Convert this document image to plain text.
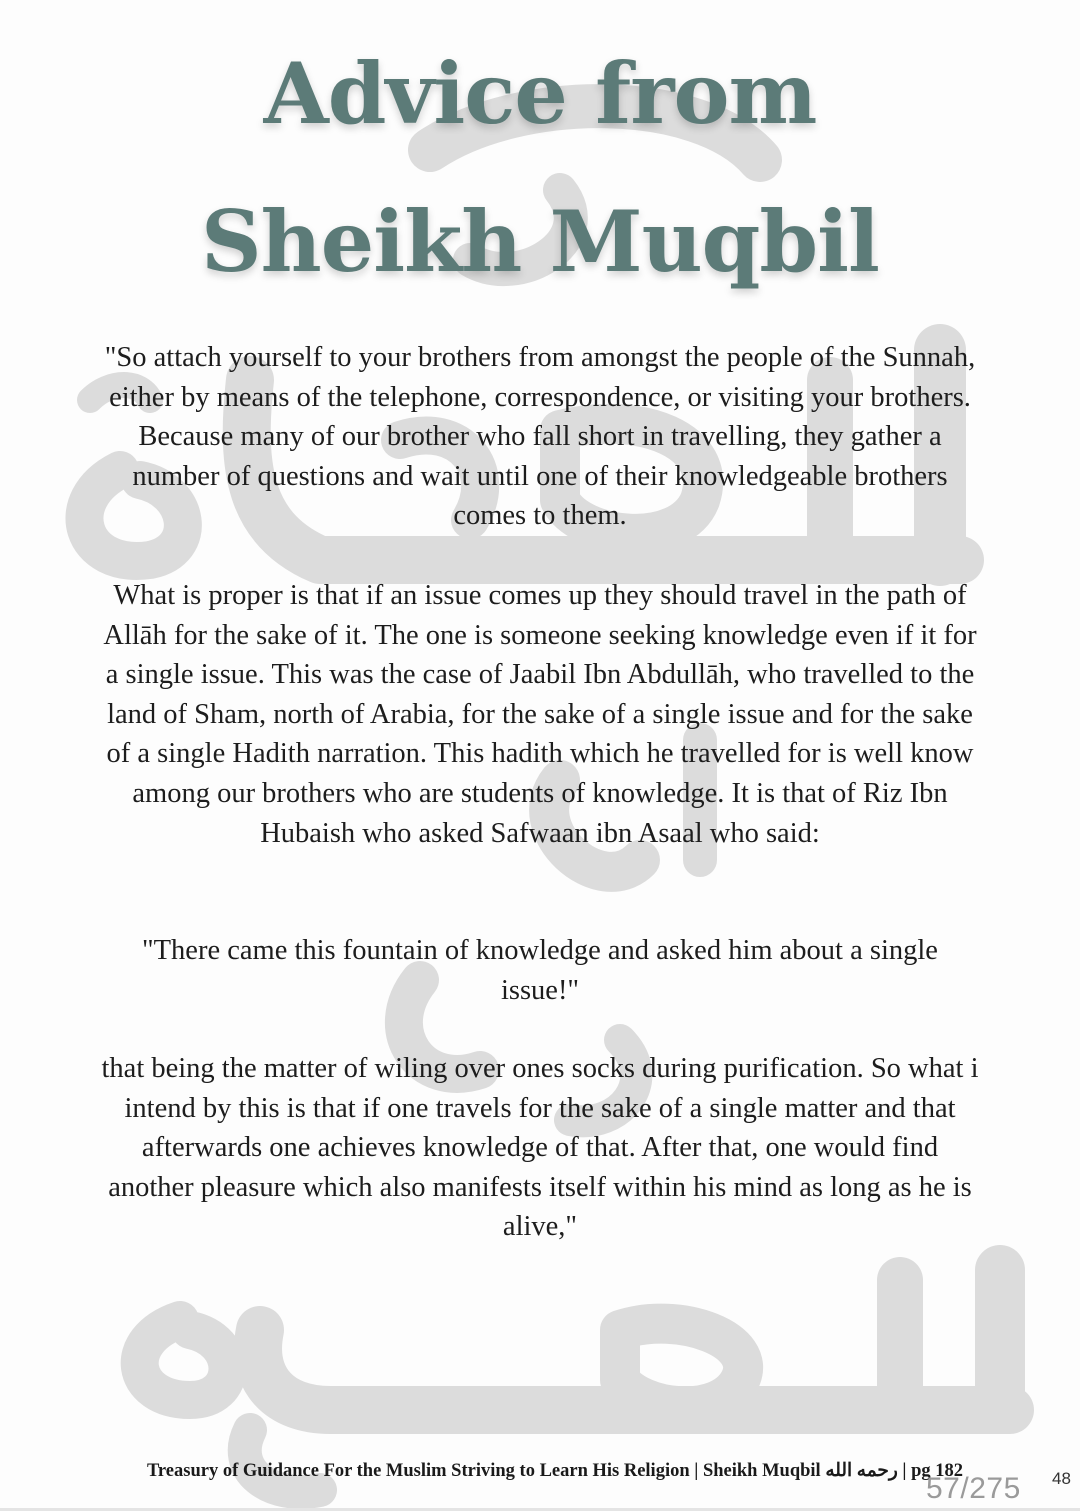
Advice from
Sheikh Muqbil

"So attach yourself to your brothers from amongst the people of the Sunnah, either by means of the telephone, correspondence, or visiting your brothers. Because many of our brother who fall short in travelling, they gather a number of questions and wait until one of their knowledgeable brothers comes to them.

What is proper is that if an issue comes up they should travel in the path of Allāh for the sake of it. The one is someone seeking knowledge even if it for a single issue. This was the case of Jaabil Ibn Abdullāh, who travelled to the land of Sham, north of Arabia, for the sake of a single issue and for the sake of a single Hadith narration. This hadith which he travelled for is well know among our brothers who are students of knowledge. It is that of Riz Ibn Hubaish who asked Safwaan ibn Asaal who said:

"There came this fountain of knowledge and asked him about a single issue!"

that being the matter of wiling over ones socks during purification. So what i intend by this is that if one travels for the sake of a single matter and that afterwards one achieves knowledge of that. After that, one would find another pleasure which also manifests itself within his mind as long as he is alive,"

Treasury of Guidance For the Muslim Striving to Learn His Religion | Sheikh Muqbil رحمه الله | pg 182	48
57/275
